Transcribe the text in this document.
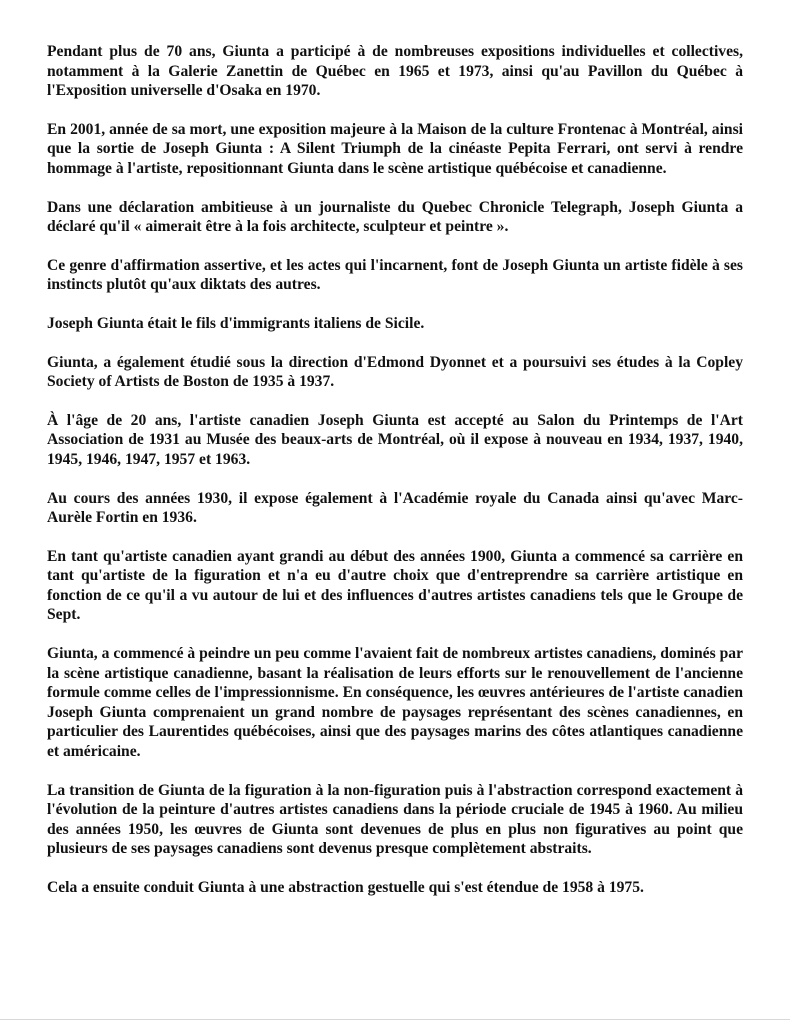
Pendant plus de 70 ans, Giunta a participé à de nombreuses expositions individuelles et collectives, notamment à la Galerie Zanettin de Québec en 1965 et 1973, ainsi qu'au Pavillon du Québec à l'Exposition universelle d'Osaka en 1970.

En 2001, année de sa mort, une exposition majeure à la Maison de la culture Frontenac à Montréal, ainsi que la sortie de Joseph Giunta : A Silent Triumph de la cinéaste Pepita Ferrari, ont servi à rendre hommage à l'artiste, repositionnant Giunta dans le scène artistique québécoise et canadienne.

Dans une déclaration ambitieuse à un journaliste du Quebec Chronicle Telegraph, Joseph Giunta a déclaré qu'il « aimerait être à la fois architecte, sculpteur et peintre ».

Ce genre d'affirmation assertive, et les actes qui l'incarnent, font de Joseph Giunta un artiste fidèle à ses instincts plutôt qu'aux diktats des autres.

Joseph Giunta était le fils d'immigrants italiens de Sicile.

Giunta, a également étudié sous la direction d'Edmond Dyonnet et a poursuivi ses études à la Copley Society of Artists de Boston de 1935 à 1937.

À l'âge de 20 ans, l'artiste canadien Joseph Giunta est accepté au Salon du Printemps de l'Art Association de 1931 au Musée des beaux-arts de Montréal, où il expose à nouveau en 1934, 1937, 1940, 1945, 1946, 1947, 1957 et 1963.

Au cours des années 1930, il expose également à l'Académie royale du Canada ainsi qu'avec Marc-Aurèle Fortin en 1936.

En tant qu'artiste canadien ayant grandi au début des années 1900, Giunta a commencé sa carrière en tant qu'artiste de la figuration et n'a eu d'autre choix que d'entreprendre sa carrière artistique en fonction de ce qu'il a vu autour de lui et des influences d'autres artistes canadiens tels que le Groupe de Sept.

Giunta, a commencé à peindre un peu comme l'avaient fait de nombreux artistes canadiens, dominés par la scène artistique canadienne, basant la réalisation de leurs efforts sur le renouvellement de l'ancienne formule comme celles de l'impressionnisme. En conséquence, les œuvres antérieures de l'artiste canadien Joseph Giunta comprenaient un grand nombre de paysages représentant des scènes canadiennes, en particulier des Laurentides québécoises, ainsi que des paysages marins des côtes atlantiques canadienne et américaine.

La transition de Giunta de la figuration à la non-figuration puis à l'abstraction correspond exactement à l'évolution de la peinture d'autres artistes canadiens dans la période cruciale de 1945 à 1960. Au milieu des années 1950, les œuvres de Giunta sont devenues de plus en plus non figuratives au point que plusieurs de ses paysages canadiens sont devenus presque complètement abstraits.

Cela a ensuite conduit Giunta à une abstraction gestuelle qui s'est étendue de 1958 à 1975.
